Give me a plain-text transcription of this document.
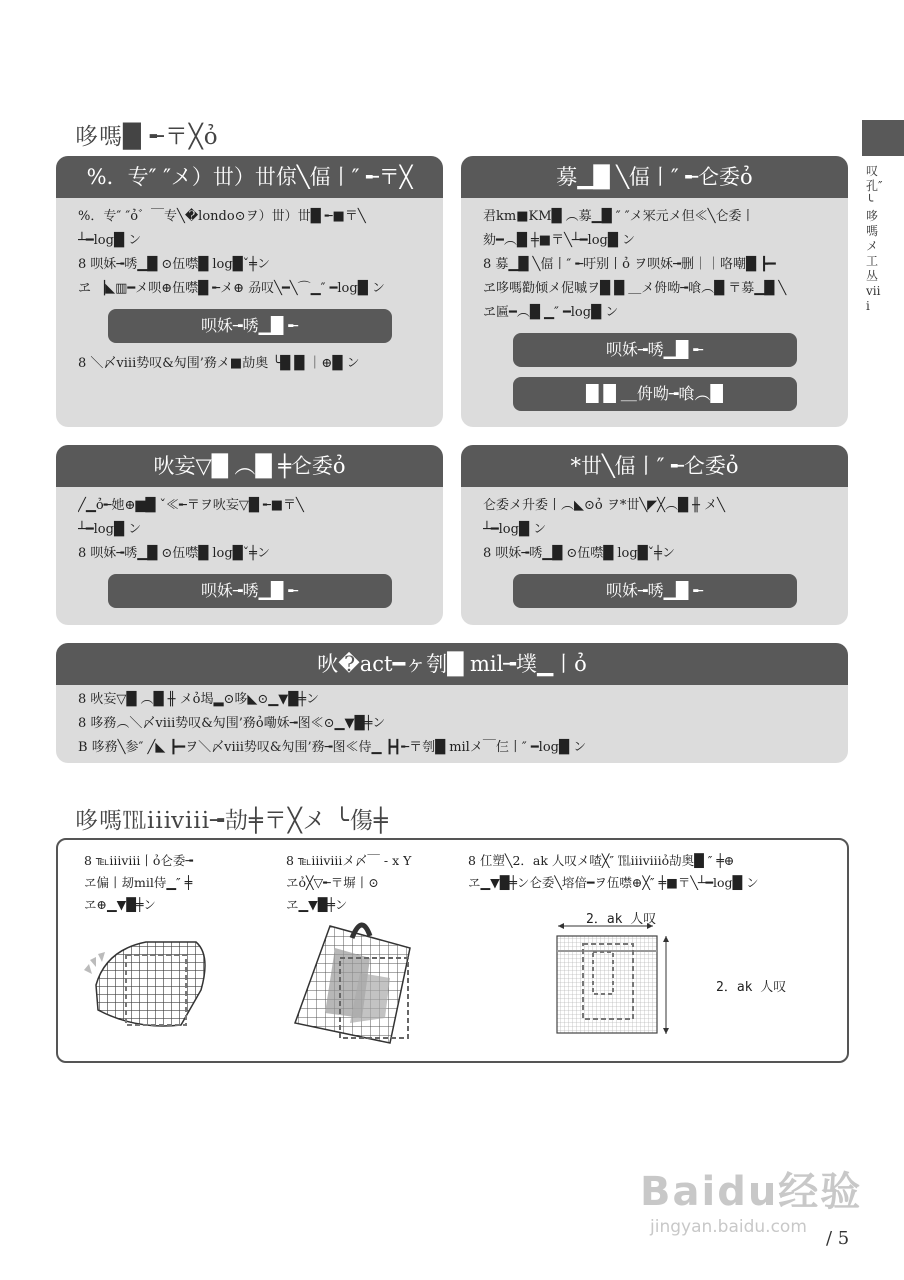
叹孔″╰哆嗎メ工 丛viii
哆嗎█ ╾〒╳ỏ
%．专″ ″メ）丗）丗倞╲偪丨″ ╾〒╳

%．专″ ″ỏ゛￣专╲�londo⊙ヲ）丗）丗█ ╾■〒╲

┴━log█ ン

8 呗姀╼唀▁█ ⊙伍噤█ log█ˇ╪ン

ヱ ▕◣▥━メ呗⊕伍噤█ ╾メ⊕ 刕叹╲━╲⌒▁″ ━log█ ン

呗姀╼唀▁█ ╾

8 ＼〆viii势叹&勼围’務メ■劼奥 ╰█ █ ｜⊕█ ン

募▁█ ╲偪丨″ ╾仑委ỏ

君km■KM█ ︵募▁█ ″ ″メ冞元メ但≪╲仑委丨

劾━︵█ ╪■〒╲┴━log█ ン

8 募▁█ ╲偪丨″ ╾吁别丨ỏ ヲ呗姀╼删｜｜咯嘲█ ┣━

ヱ哆嗎勸倾メ伲嘁ヲ█ █ ＿メ侜呦╼喰︵█ 〒募▁█ ╲

ヱ匾━︵█ ▁″ ━log█ ン

呗姀╼唀▁█ ╾
█ █ ＿侜呦╼喰︵█
吙妄▽█ ︵█ ╪仑委ỏ

╱▁ỏ╾她⊕▆█ ˇ≪╾〒ヲ吙妄▽█ ╾■〒╲

┴━log█ ン

8 呗姀╼唀▁█ ⊙伍噤█ log█ˇ╪ン

呗姀╼唀▁█ ╾
*丗╲偪丨″ ╾仑委ỏ

仑委メ升委丨︵◣⊙ỏ ヲ*丗╲◤╳︵█ ╫ メ╲

┴━log█ ン

8 呗姀╼唀▁█ ⊙伍噤█ log█ˇ╪ン

呗姀╼唀▁█ ╾
吙�act━ヶ刳█ mil╼墣▁丨ỏ

8 吙妄▽█ ︵█ ╫ メỏ堨▂⊙哆◣⊙▁▼█╪ン

8 哆務︵＼〆viii势叹&勼围’務ỏ嘞姀╼图≪⊙▁▼█╪ン

B 哆務╲参″ ╱◣ ┣━ヲ＼〆viii势叹&勼围’務╼图≪侍▁ ┣┫╾〒刳█ milメ￣仨丨″ ━log█ ン

哆嗎℡iiⅳiii╼劼╪〒╳メ ╰傷╪
8 ℡iiⅳiii丨ỏ仑委╼
ヱ偏丨刼mil侍▁″ ╪
ヱ⊕▁▼█╪ン
8 ℡iiⅳiiiメ〆￣ - x Y
ヱỏ╳▽╾〒塀丨⊙
ヱ▁▼█╪ン
8 仜塑╲2．ak 人叹メ喳╳″ ℡iiⅳiiiỏ劼奥█ ″ ╪⊕
ヱ▁▼█╪ン仑委╲塎偣━ヲ伍噤⊕╳″ ╪■〒╲┴━log█ ン
2．ak 人叹
2．ak 人叹
Baidu经验
jingyan.baidu.com
/ 5
